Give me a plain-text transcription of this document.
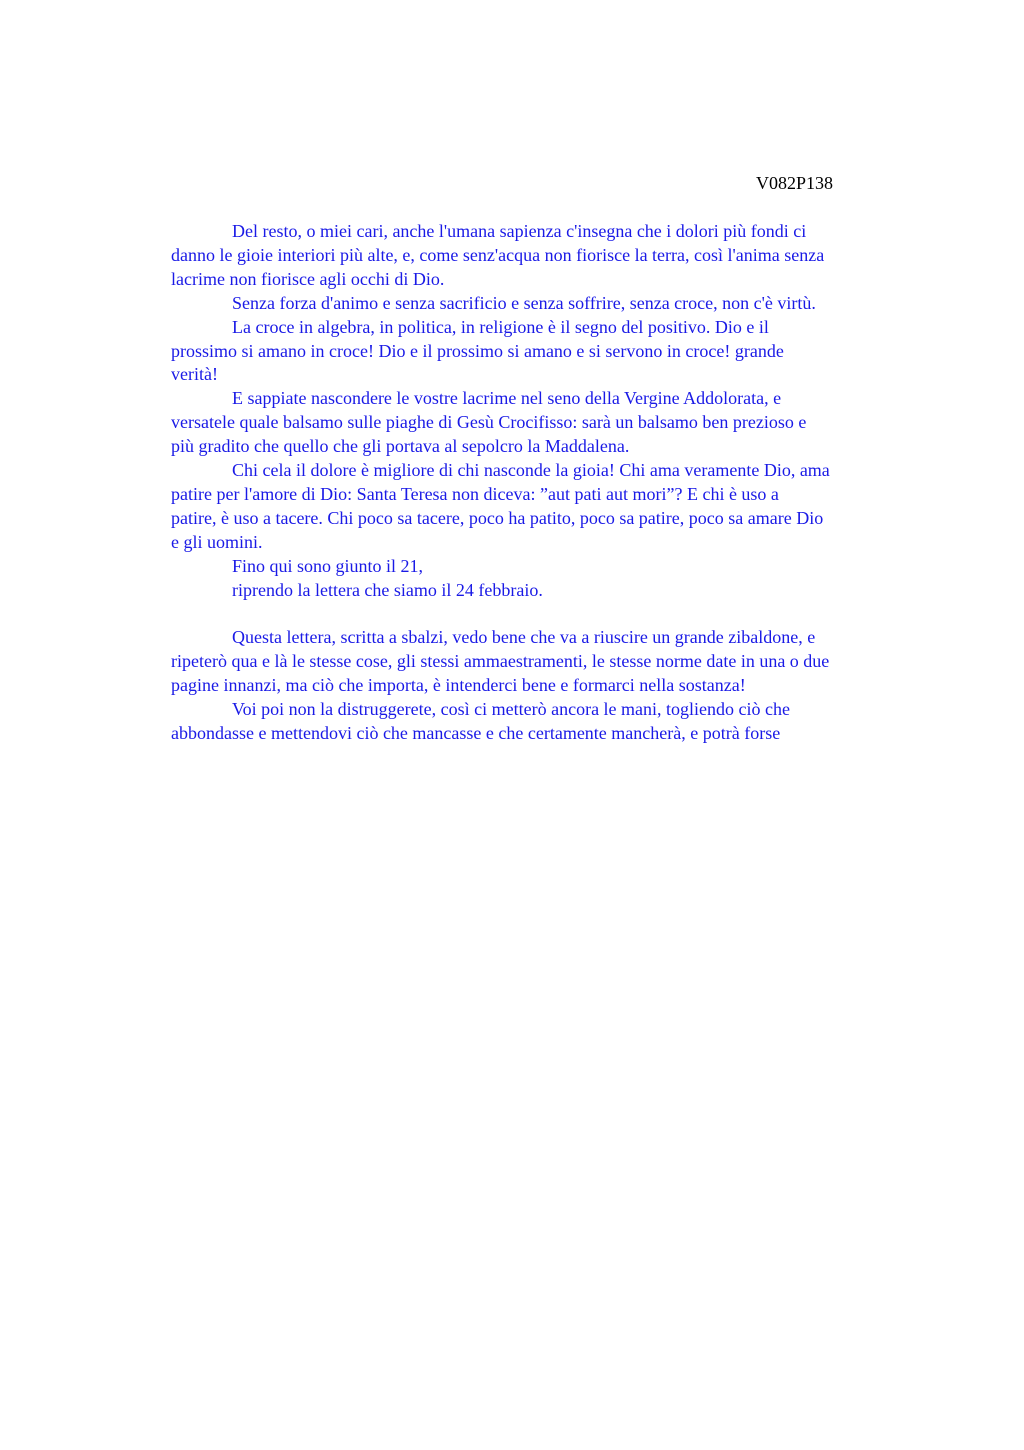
V082P138

Del resto, o miei cari, anche l'umana sapienza c'insegna che i dolori più fondi ci
danno le gioie interiori più alte, e, come senz'acqua non fiorisce la terra, così l'anima senza
lacrime non fiorisce agli occhi di Dio.

Senza forza d'animo e senza sacrificio e senza soffrire, senza croce, non c'è virtù.

La croce in algebra, in politica, in religione è il segno del positivo. Dio e il
prossimo si amano in croce! Dio e il prossimo si amano e si servono in croce! grande
verità!

E sappiate nascondere le vostre lacrime nel seno della Vergine Addolorata, e
versatele quale balsamo sulle piaghe di Gesù Crocifisso: sarà un balsamo ben prezioso e
più gradito che quello che gli portava al sepolcro la Maddalena.

Chi cela il dolore è migliore di chi nasconde la gioia! Chi ama veramente Dio, ama
patire per l'amore di Dio: Santa Teresa non diceva: ”aut pati aut mori”? E chi è uso a
patire, è uso a tacere. Chi poco sa tacere, poco ha patito, poco sa patire, poco sa amare Dio
e gli uomini.

Fino qui sono giunto il 21,

riprendo la lettera che siamo il 24 febbraio.

Questa lettera, scritta a sbalzi, vedo bene che va a riuscire un grande zibaldone, e
ripeterò qua e là le stesse cose, gli stessi ammaestramenti, le stesse norme date in una o due
pagine innanzi, ma ciò che importa, è intenderci bene e formarci nella sostanza!

Voi poi non la distruggerete, così ci metterò ancora le mani, togliendo ciò che
abbondasse e mettendovi ciò che mancasse e che certamente mancherà, e potrà forse
